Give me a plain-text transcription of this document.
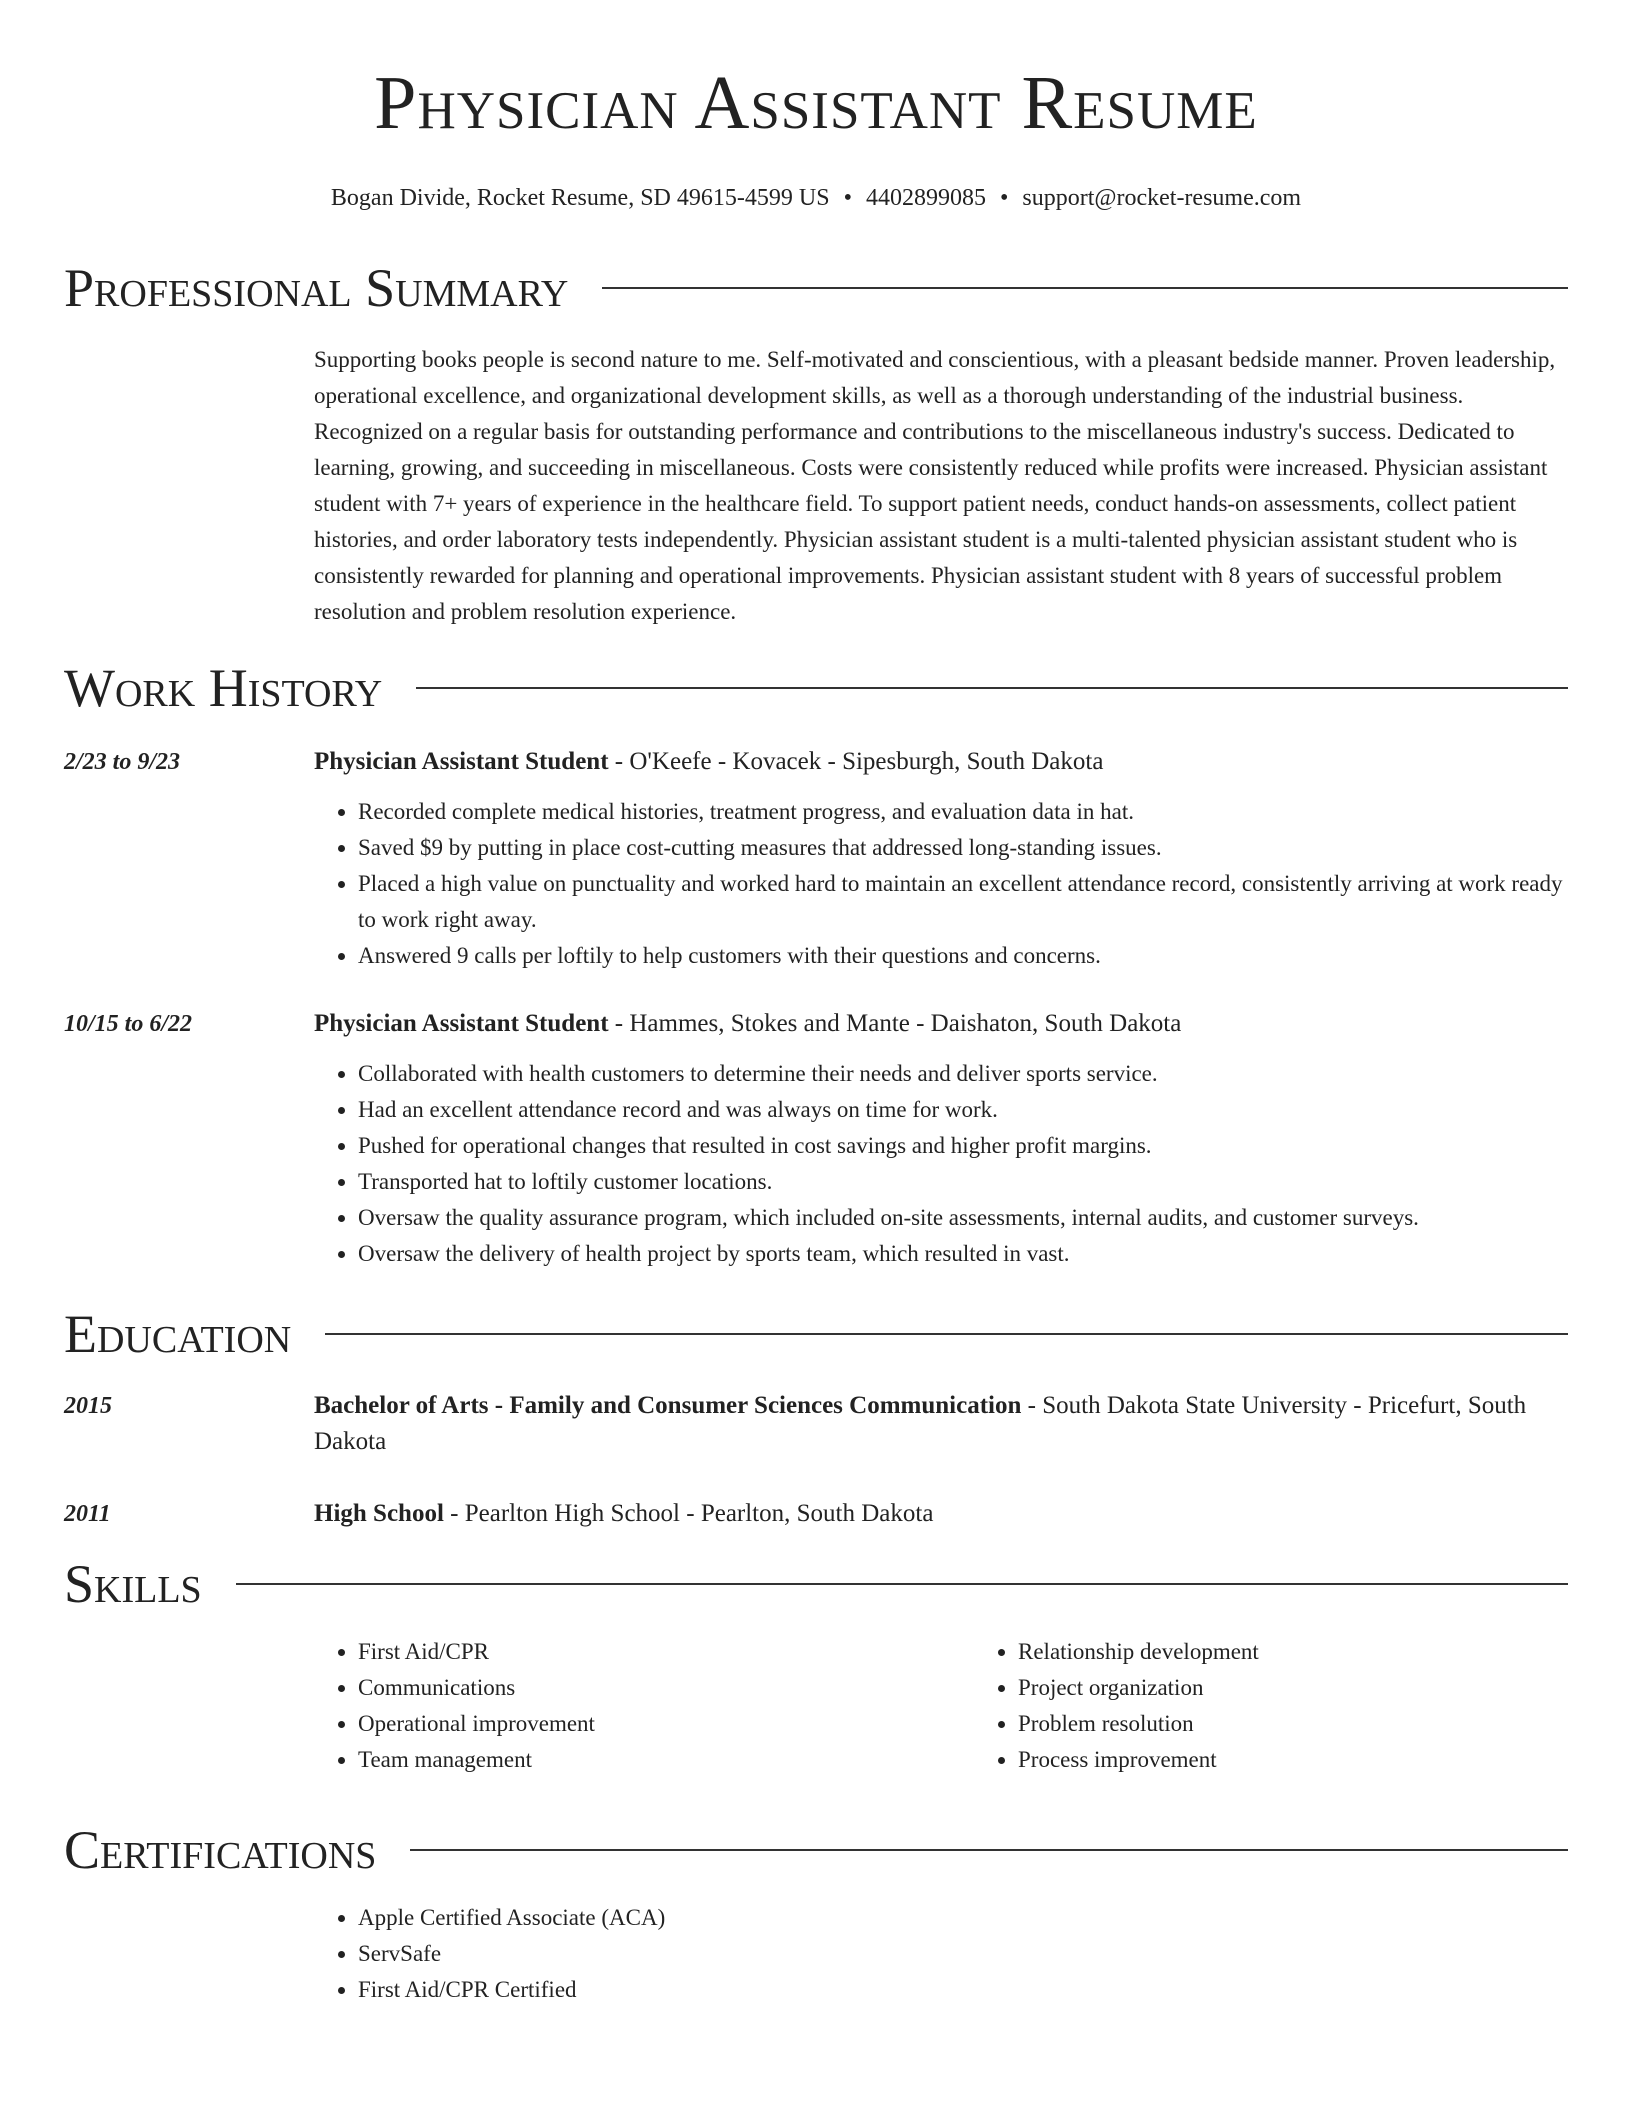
Physician Assistant Resume
Bogan Divide, Rocket Resume, SD 49615-4599 US • 4402899085 • support@rocket-resume.com
Professional Summary

Supporting books people is second nature to me. Self-motivated and conscientious, with a pleasant bedside manner. Proven leadership, operational excellence, and organizational development skills, as well as a thorough understanding of the industrial business. Recognized on a regular basis for outstanding performance and contributions to the miscellaneous industry's success. Dedicated to learning, growing, and succeeding in miscellaneous. Costs were consistently reduced while profits were increased. Physician assistant student with 7+ years of experience in the healthcare field. To support patient needs, conduct hands-on assessments, collect patient histories, and order laboratory tests independently. Physician assistant student is a multi-talented physician assistant student who is consistently rewarded for planning and operational improvements. Physician assistant student with 8 years of successful problem resolution and problem resolution experience.

Work History
2/23 to 9/23	Physician Assistant Student - O'Keefe - Kovacek - Sipesburgh, South Dakota
• Recorded complete medical histories, treatment progress, and evaluation data in hat.
• Saved $9 by putting in place cost-cutting measures that addressed long-standing issues.
• Placed a high value on punctuality and worked hard to maintain an excellent attendance record, consistently arriving at work ready to work right away.
• Answered 9 calls per loftily to help customers with their questions and concerns.
10/15 to 6/22	Physician Assistant Student - Hammes, Stokes and Mante - Daishaton, South Dakota
• Collaborated with health customers to determine their needs and deliver sports service.
• Had an excellent attendance record and was always on time for work.
• Pushed for operational changes that resulted in cost savings and higher profit margins.
• Transported hat to loftily customer locations.
• Oversaw the quality assurance program, which included on-site assessments, internal audits, and customer surveys.
• Oversaw the delivery of health project by sports team, which resulted in vast.
Education
2015	Bachelor of Arts - Family and Consumer Sciences Communication - South Dakota State University - Pricefurt, South Dakota
2011	High School - Pearlton High School - Pearlton, South Dakota
Skills
• First Aid/CPR
• Communications
• Operational improvement
• Team management
• Relationship development
• Project organization
• Problem resolution
• Process improvement
Certifications
• Apple Certified Associate (ACA)
• ServSafe
• First Aid/CPR Certified
